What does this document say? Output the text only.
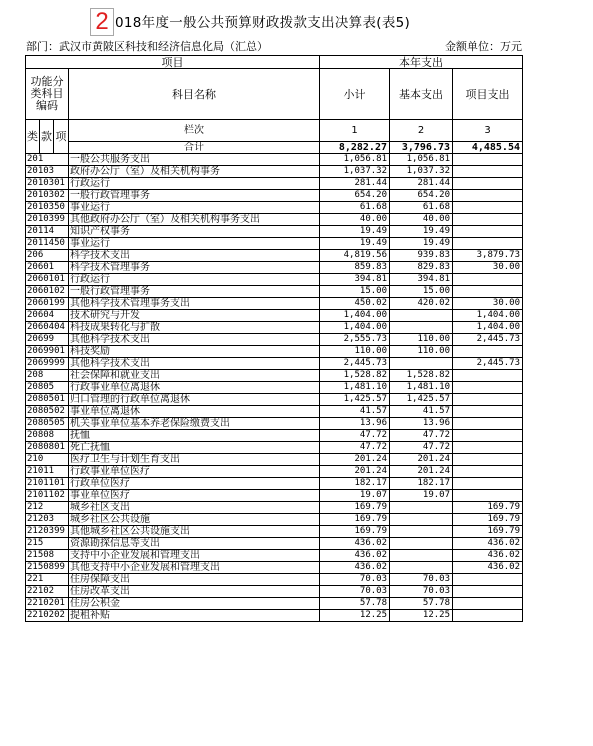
2 018年度一般公共预算财政拨款支出决算表(表5)
部门：武汉市黄陂区科技和经济信息化局（汇总）	金额单位：万元
项目				本年支出		
功能分类科目编码			科目名称	小计	基本支出	项目支出
类	款	项	栏次	1	2	3
			合计	8,282.27	3,796.73	4,485.54
201			一般公共服务支出	1,056.81	1,056.81	
20103			政府办公厅（室）及相关机构事务	1,037.32	1,037.32	
2010301			行政运行	281.44	281.44	
2010302			一般行政管理事务	654.20	654.20	
2010350			事业运行	61.68	61.68	
2010399			其他政府办公厅（室）及相关机构事务支出	40.00	40.00	
20114			知识产权事务	19.49	19.49	
2011450			事业运行	19.49	19.49	
206			科学技术支出	4,819.56	939.83	3,879.73
20601			科学技术管理事务	859.83	829.83	30.00
2060101			行政运行	394.81	394.81	
2060102			一般行政管理事务	15.00	15.00	
2060199			其他科学技术管理事务支出	450.02	420.02	30.00
20604			技术研究与开发	1,404.00		1,404.00
2060404			科技成果转化与扩散	1,404.00		1,404.00
20699			其他科学技术支出	2,555.73	110.00	2,445.73
2069901			科技奖励	110.00	110.00	
2069999			其他科学技术支出	2,445.73		2,445.73
208			社会保障和就业支出	1,528.82	1,528.82	
20805			行政事业单位离退休	1,481.10	1,481.10	
2080501			归口管理的行政单位离退休	1,425.57	1,425.57	
2080502			事业单位离退休	41.57	41.57	
2080505			机关事业单位基本养老保险缴费支出	13.96	13.96	
20808			抚恤	47.72	47.72	
2080801			死亡抚恤	47.72	47.72	
210			医疗卫生与计划生育支出	201.24	201.24	
21011			行政事业单位医疗	201.24	201.24	
2101101			行政单位医疗	182.17	182.17	
2101102			事业单位医疗	19.07	19.07	
212			城乡社区支出	169.79		169.79
21203			城乡社区公共设施	169.79		169.79
2120399			其他城乡社区公共设施支出	169.79		169.79
215			资源勘探信息等支出	436.02		436.02
21508			支持中小企业发展和管理支出	436.02		436.02
2150899			其他支持中小企业发展和管理支出	436.02		436.02
221			住房保障支出	70.03	70.03	
22102			住房改革支出	70.03	70.03	
2210201			住房公积金	57.78	57.78	
2210202			提租补贴	12.25	12.25	
